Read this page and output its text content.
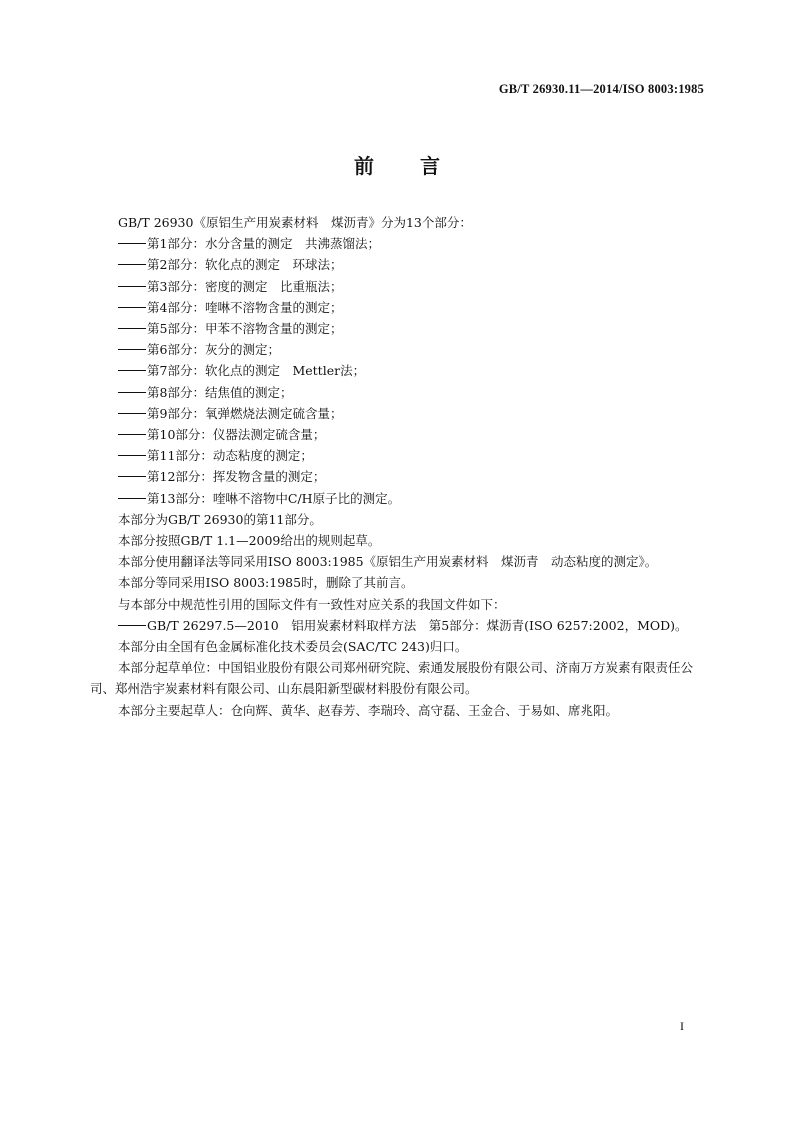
GB/T 26930.11—2014/ISO 8003:1985
前言

GB/T 26930《原铝生产用炭素材料　煤沥青》分为13个部分：

第1部分：水分含量的测定　共沸蒸馏法；

第2部分：软化点的测定　环球法；

第3部分：密度的测定　比重瓶法；

第4部分：喹啉不溶物含量的测定；

第5部分：甲苯不溶物含量的测定；

第6部分：灰分的测定；

第7部分：软化点的测定　Mettler法；

第8部分：结焦值的测定；

第9部分：氧弹燃烧法测定硫含量；

第10部分：仪器法测定硫含量；

第11部分：动态粘度的测定；

第12部分：挥发物含量的测定；

第13部分：喹啉不溶物中C/H原子比的测定。

本部分为GB/T 26930的第11部分。

本部分按照GB/T 1.1—2009给出的规则起草。

本部分使用翻译法等同采用ISO 8003:1985《原铝生产用炭素材料　煤沥青　动态粘度的测定》。

本部分等同采用ISO 8003:1985时，删除了其前言。

与本部分中规范性引用的国际文件有一致性对应关系的我国文件如下：

GB/T 26297.5—2010　铝用炭素材料取样方法　第5部分：煤沥青(ISO 6257:2002，MOD)。

本部分由全国有色金属标准化技术委员会(SAC/TC 243)归口。

本部分起草单位：中国铝业股份有限公司郑州研究院、索通发展股份有限公司、济南万方炭素有限责任公司、郑州浩宇炭素材料有限公司、山东晨阳新型碳材料股份有限公司。

本部分主要起草人：仓向辉、黄华、赵春芳、李瑞玲、高守磊、王金合、于易如、席兆阳。

I
